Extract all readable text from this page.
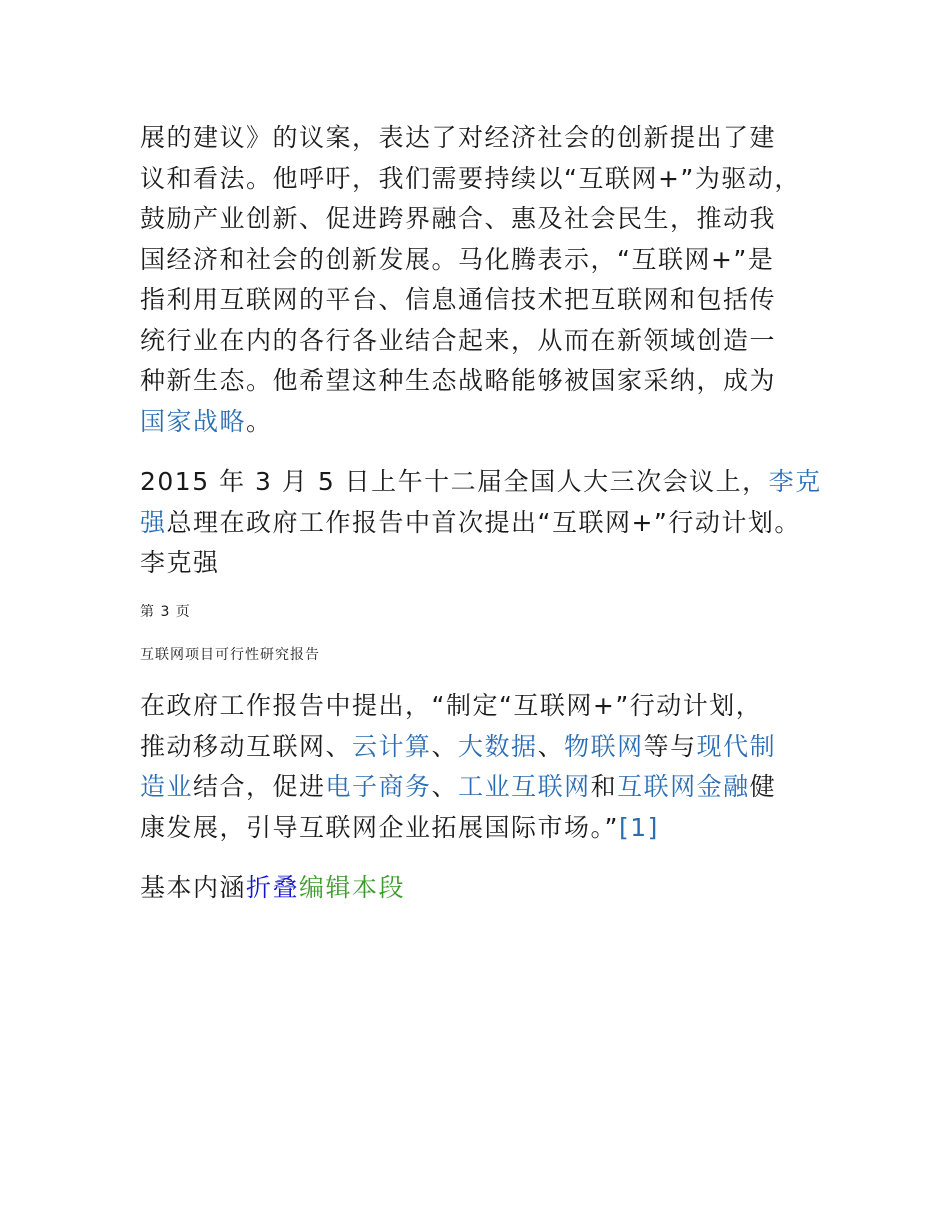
展的建议》的议案，表达了对经济社会的创新提出了建
议和看法。他呼吁，我们需要持续以“互联网+”为驱动，
鼓励产业创新、促进跨界融合、惠及社会民生，推动我
国经济和社会的创新发展。马化腾表示，“互联网+”是
指利用互联网的平台、信息通信技术把互联网和包括传
统行业在内的各行各业结合起来，从而在新领域创造一
种新生态。他希望这种生态战略能够被国家采纳，成为
国家战略。
2015 年 3 月 5 日上午十二届全国人大三次会议上，李克
强总理在政府工作报告中首次提出“互联网+”行动计划。
李克强
第 3 页
互联网项目可行性研究报告
在政府工作报告中提出，“制定“互联网+”行动计划，
推动移动互联网、云计算、大数据、物联网等与现代制
造业结合，促进电子商务、工业互联网和互联网金融健
康发展，引导互联网企业拓展国际市场。”[1]
基本内涵折叠编辑本段
